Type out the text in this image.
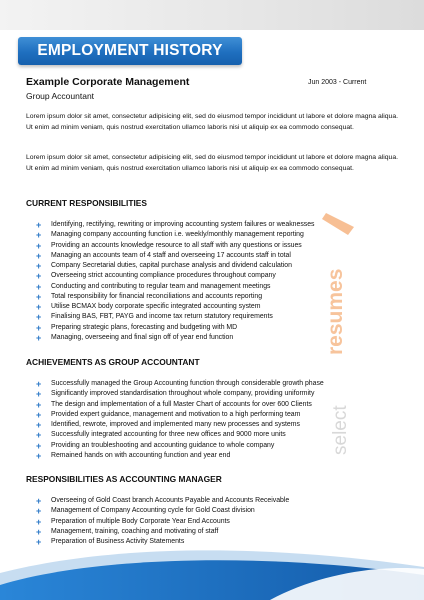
EMPLOYMENT HISTORY
Example Corporate Management	Jun 2003 - Current
Group Accountant

Lorem ipsum dolor sit amet, consectetur adipisicing elit, sed do eiusmod tempor incididunt ut labore et dolore magna aliqua. Ut enim ad minim veniam, quis nostrud exercitation ullamco laboris nisi ut aliquip ex ea commodo consequat.

Lorem ipsum dolor sit amet, consectetur adipisicing elit, sed do eiusmod tempor incididunt ut labore et dolore magna aliqua. Ut enim ad minim veniam, quis nostrud exercitation ullamco laboris nisi ut aliquip ex ea commodo consequat.

CURRENT RESPONSIBILITIES
+	Identifying, rectifying, rewriting or improving accounting system failures or weaknesses
+	Managing company accounting function i.e. weekly/monthly management reporting
+	Providing an accounts knowledge resource to all staff with any questions or issues
+	Managing an accounts team of 4 staff and overseeing 17 accounts staff in total
+	Company Secretarial duties, capital purchase analysis and dividend calculation
+	Overseeing strict accounting compliance procedures throughout company
+	Conducting and contributing to regular team and management meetings
+	Total responsibility for financial reconciliations and accounts reporting
+	Utilise BCMAX body corporate specific integrated accounting system
+	Finalising BAS, FBT, PAYG and income tax return statutory requirements
+	Preparing strategic plans, forecasting and budgeting with MD
+	Managing, overseeing and final sign off of year end function
ACHIEVEMENTS AS GROUP ACCOUNTANT
+	Successfully managed the Group Accounting function through considerable growth phase
+	Significantly improved standardisation throughout whole company, providing uniformity
+	The design and implementation of a full Master Chart of accounts for over 600 Clients
+	Provided expert guidance, management and motivation to a high performing team
+	Identified, rewrote, improved and implemented many new processes and systems
+	Successfully integrated accounting for three new offices and 9000 more units
+	Providing an troubleshooting and accounting guidance to whole company
+	Remained hands on with accounting function and year end
RESPONSIBILITIES AS ACCOUNTING MANAGER
+	Overseeing of Gold Coast branch Accounts Payable and Accounts Receivable
+	Management of Company Accounting cycle for Gold Coast division
+	Preparation of multiple Body Corporate Year End Accounts
+	Management, training, coaching and motivating of staff
+	Preparation of Business Activity Statements
resumes
select
